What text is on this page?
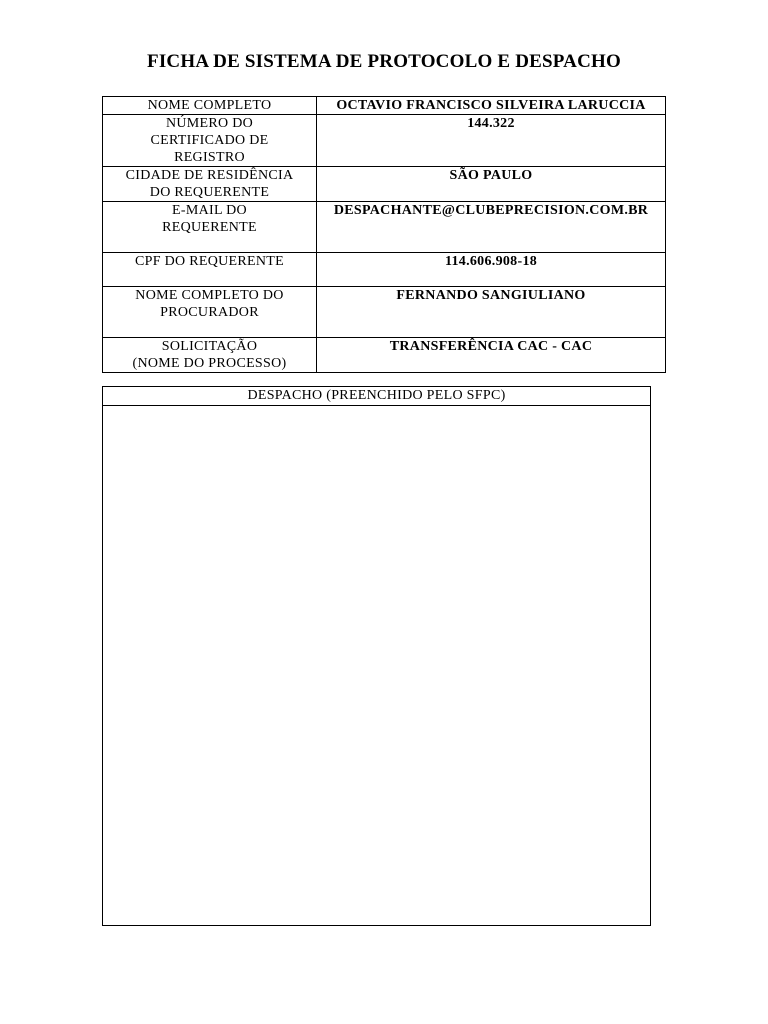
FICHA DE SISTEMA DE PROTOCOLO E DESPACHO
NOME COMPLETO	OCTAVIO FRANCISCO SILVEIRA LARUCCIA
NÚMERO DO
CERTIFICADO DE
REGISTRO	144.322
CIDADE DE RESIDÊNCIA
DO REQUERENTE	SÃO PAULO
E-MAIL DO
REQUERENTE	DESPACHANTE@CLUBEPRECISION.COM.BR
CPF DO REQUERENTE	114.606.908-18
NOME COMPLETO DO
PROCURADOR	FERNANDO SANGIULIANO
SOLICITAÇÃO
(NOME DO PROCESSO)	TRANSFERÊNCIA CAC - CAC
DESPACHO (PREENCHIDO PELO SFPC)
